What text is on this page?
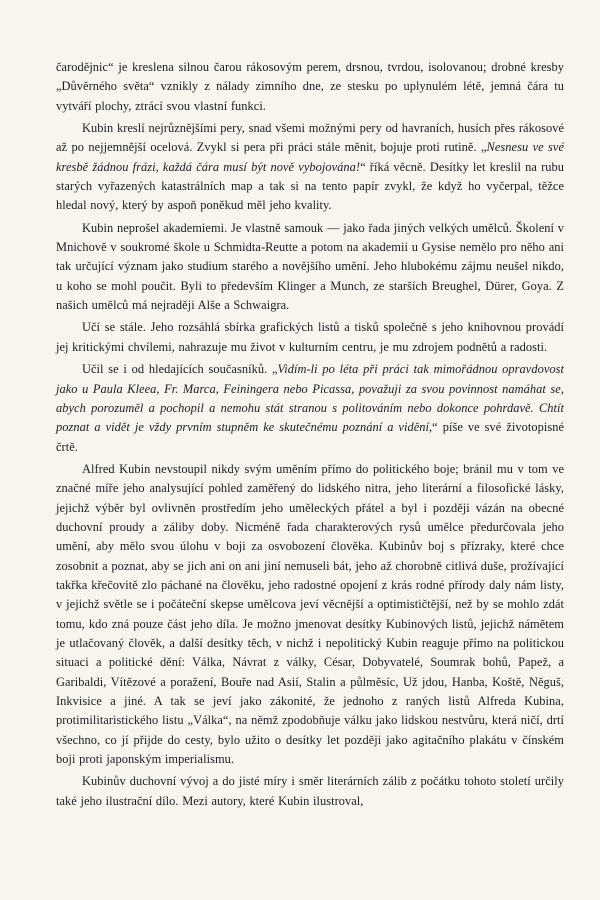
čarodějnic“ je kreslena silnou čarou rákosovým perem, drsnou, tvrdou, isolovanou; drobné kresby „Důvěrného světa“ vznikly z nálady zimního dne, ze stesku po uplynulém létě, jemná čára tu vytváří plochy, ztrácí svou vlastní funkci.

Kubin kreslí nejrůznějšími pery, snad všemi možnými pery od havraních, husích přes rákosové až po nejjemnější ocelová. Zvykl si pera při práci stále měnit, bojuje proti rutině. „Nesnesu ve své kresbě žádnou frázi, každá čára musí být nově vybojována!“ říká věcně. Desítky let kreslil na rubu starých vyřazených katastrálních map a tak si na tento papír zvykl, že když ho vyčerpal, těžce hledal nový, který by aspoň poněkud měl jeho kvality.

Kubin neprošel akademiemi. Je vlastně samouk — jako řada jiných velkých umělců. Školení v Mnichově v soukromé škole u Schmidta-Reutte a potom na akademii u Gysise nemělo pro něho ani tak určující význam jako studium starého a novějšího umění. Jeho hlubokému zájmu neušel nikdo, u koho se mohl poučit. Byli to především Klinger a Munch, ze starších Breughel, Dürer, Goya. Z našich umělců má nejraději Alše a Schwaigra.

Učí se stále. Jeho rozsáhlá sbírka grafických listů a tisků společně s jeho knihovnou provádí jej kritickými chvílemi, nahrazuje mu život v kulturním centru, je mu zdrojem podnětů a radosti.

Učil se i od hledajících současníků. „Vidím-li po léta při práci tak mimořádnou opravdovost jako u Paula Kleea, Fr. Marca, Feiningera nebo Picassa, považuji za svou povinnost namáhat se, abych porozuměl a pochopil a nemohu stát stranou s politováním nebo dokonce pohrdavě. Chtít poznat a vidět je vždy prvním stupněm ke skutečnému poznání a vidění,“ píše ve své životopisné črtě.

Alfred Kubin nevstoupil nikdy svým uměním přímo do politického boje; bránil mu v tom ve značné míře jeho analysující pohled zaměřený do lidského nitra, jeho literární a filosofické lásky, jejichž výběr byl ovlivněn prostředím jeho uměleckých přátel a byl i později vázán na obecné duchovní proudy a záliby doby. Nicméně řada charakterových rysů umělce předurčovala jeho umění, aby mělo svou úlohu v boji za osvobození člověka. Kubinův boj s přízraky, které chce zosobnit a poznat, aby se jich ani on ani jiní nemuseli bát, jeho až chorobně citlivá duše, prožívající takřka křečovitě zlo páchané na člověku, jeho radostné opojení z krás rodné přírody daly nám listy, v jejichž světle se i počáteční skepse umělcova jeví věcnější a optimističtější, než by se mohlo zdát tomu, kdo zná pouze část jeho díla. Je možno jmenovat desítky Kubinových listů, jejichž námětem je utlačovaný člověk, a další desítky těch, v nichž i nepolitický Kubin reaguje přímo na politickou situaci a politické dění: Válka, Návrat z války, César, Dobyvatelé, Soumrak bohů, Papež, a Garibaldi, Vítězové a poražení, Bouře nad Asií, Stalin a půlměsíc, Už jdou, Hanba, Koště, Něguš, Inkvisice a jiné. A tak se jeví jako zákonité, že jednoho z raných listů Alfreda Kubina, protimilitaristického listu „Válka“, na němž zpodobňuje válku jako lidskou nestvůru, která ničí, drtí všechno, co jí přijde do cesty, bylo užito o desítky let později jako agitačního plakátu v čínském boji proti japonským imperialismu.

Kubinův duchovní vývoj a do jisté míry i směr literárních zálib z počátku tohoto století určily také jeho ilustrační dílo. Mezi autory, které Kubin ilustroval,
